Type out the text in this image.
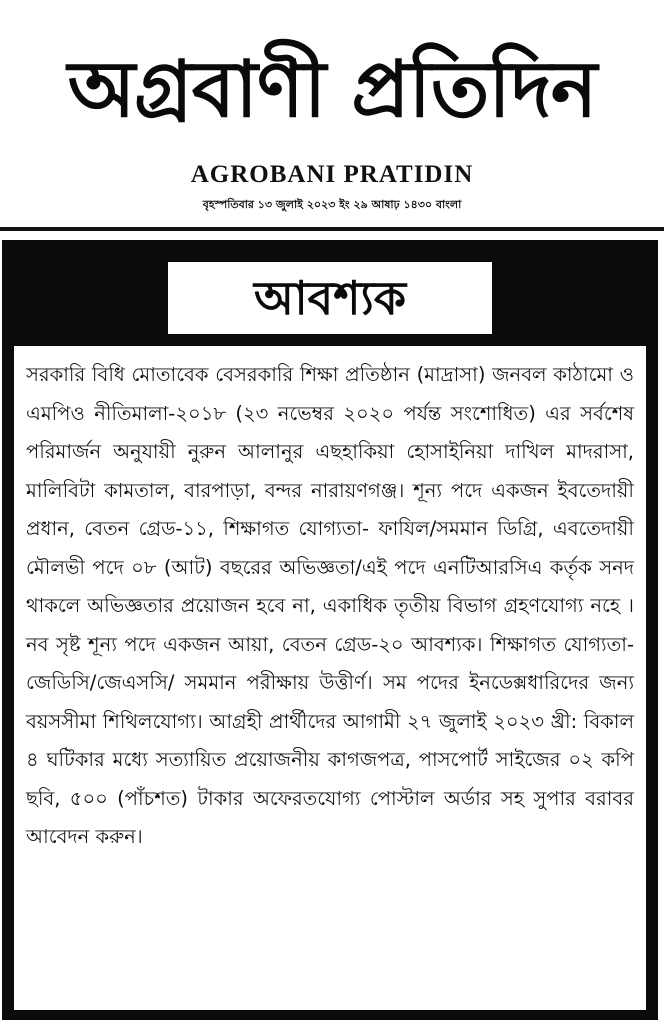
অগ্রবাণী প্রতিদিন
AGROBANI PRATIDIN
বৃহস্পতিবার ১৩ জুলাই ২০২৩ ইং ২৯ আষাঢ় ১৪৩০ বাংলা
আবশ্যক

সরকারি বিধি মোতাবেক বেসরকারি শিক্ষা প্রতিষ্ঠান (মাদ্রাসা) জনবল কাঠামো ও এমপিও নীতিমালা-২০১৮ (২৩ নভেম্বর ২০২০ পর্যন্ত সংশোধিত) এর সর্বশেষ পরিমার্জন অনুযায়ী নুরুন আলানুর এছহাকিয়া হোসাইনিয়া দাখিল মাদরাসা, মালিবিটা কামতাল, বারপাড়া, বন্দর নারায়ণগঞ্জ। শূন্য পদে একজন ইবতেদায়ী প্রধান, বেতন গ্রেড-১১, শিক্ষাগত যোগ্যতা- ফাযিল/সমমান ডিগ্রি, এবতেদায়ী মৌলভী পদে ০৮ (আট) বছরের অভিজ্ঞতা/এই পদে এনটিআরসিএ কর্তৃক সনদ থাকলে অভিজ্ঞতার প্রয়োজন হবে না, একাধিক তৃতীয় বিভাগ গ্রহণযোগ্য নহে । নব সৃষ্ট শূন্য পদে একজন আয়া, বেতন গ্রেড-২০ আবশ্যক। শিক্ষাগত যোগ্যতা-জেডিসি/জেএসসি/ সমমান পরীক্ষায় উত্তীর্ণ। সম পদের ইনডেক্সধারিদের জন্য বয়সসীমা শিথিলযোগ্য। আগ্রহী প্রার্থীদের আগামী ২৭ জুলাই ২০২৩ খ্রী: বিকাল ৪ ঘটিকার মধ্যে সত্যায়িত প্রয়োজনীয় কাগজপত্র, পাসপোর্ট সাইজের ০২ কপি ছবি, ৫০০ (পাঁচশত) টাকার অফেরতযোগ্য পোস্টাল অর্ডার সহ সুপার বরাবর আবেদন করুন।
